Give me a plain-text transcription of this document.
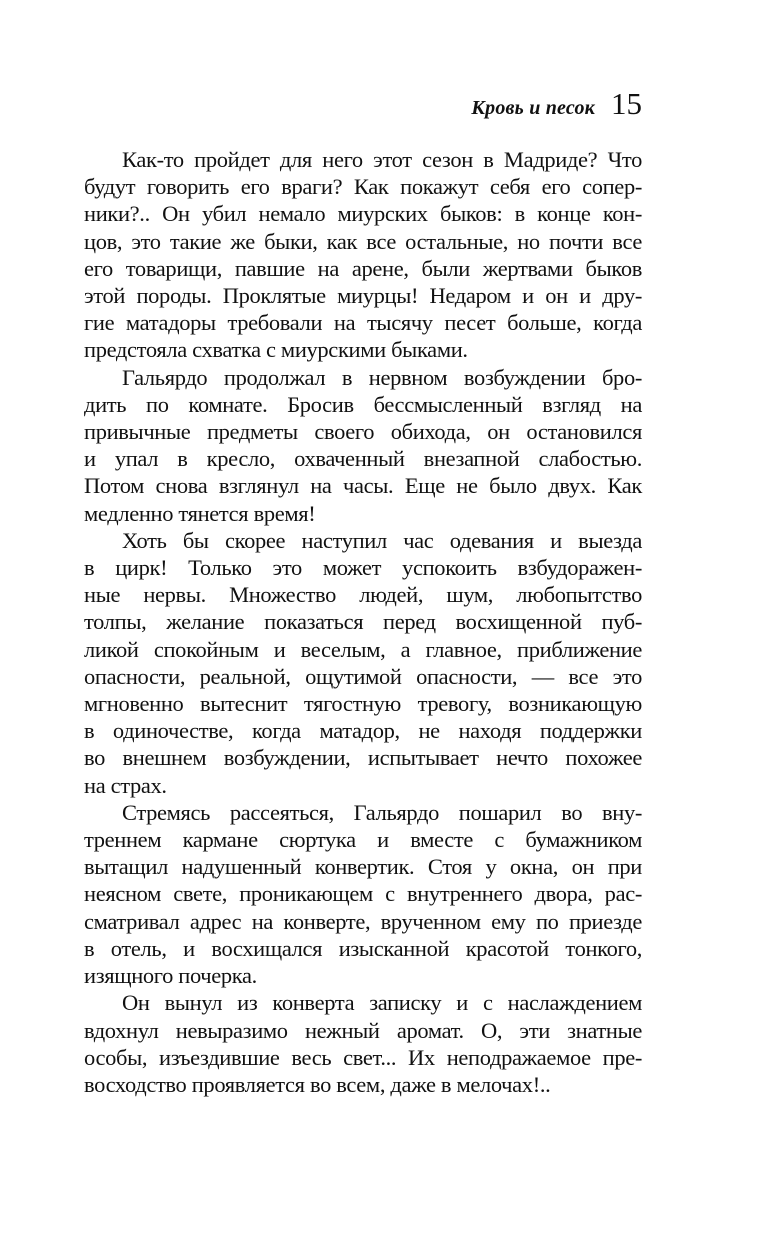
Кровь и песок 15
Как-то пройдет для него этот сезон в Мадриде? Что
будут говорить его враги? Как покажут себя его сопер-
ники?.. Он убил немало миурских быков: в конце кон-
цов, это такие же быки, как все остальные, но почти все
его товарищи, павшие на арене, были жертвами быков
этой породы. Проклятые миурцы! Недаром и он и дру-
гие матадоры требовали на тысячу песет больше, когда
предстояла схватка с миурскими быками.
Гальярдо продолжал в нервном возбуждении бро-
дить по комнате. Бросив бессмысленный взгляд на
привычные предметы своего обихода, он остановился
и упал в кресло, охваченный внезапной слабостью.
Потом снова взглянул на часы. Еще не было двух. Как
медленно тянется время!
Хоть бы скорее наступил час одевания и выезда
в цирк! Только это может успокоить взбудоражен-
ные нервы. Множество людей, шум, любопытство
толпы, желание показаться перед восхищенной пуб-
ликой спокойным и веселым, а главное, приближение
опасности, реальной, ощутимой опасности, — все это
мгновенно вытеснит тягостную тревогу, возникающую
в одиночестве, когда матадор, не находя поддержки
во внешнем возбуждении, испытывает нечто похожее
на страх.
Стремясь рассеяться, Гальярдо пошарил во вну-
треннем кармане сюртука и вместе с бумажником
вытащил надушенный конвертик. Стоя у окна, он при
неясном свете, проникающем с внутреннего двора, рас-
сматривал адрес на конверте, врученном ему по приезде
в отель, и восхищался изысканной красотой тонкого,
изящного почерка.
Он вынул из конверта записку и с наслаждением
вдохнул невыразимо нежный аромат. О, эти знатные
особы, изъездившие весь свет... Их неподражаемое пре-
восходство проявляется во всем, даже в мелочах!..
